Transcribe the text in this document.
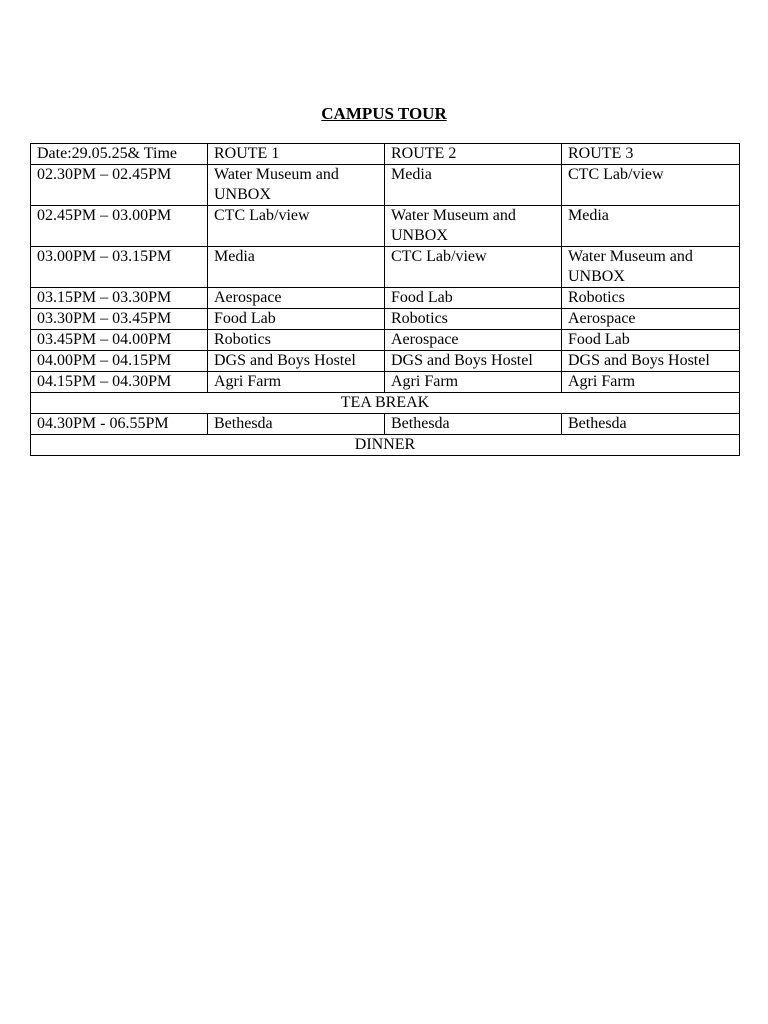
CAMPUS TOUR
Date:29.05.25& Time	ROUTE 1	ROUTE 2	ROUTE 3
02.30PM – 02.45PM	Water Museum and UNBOX	Media	CTC Lab/view
02.45PM – 03.00PM	CTC Lab/view	Water Museum and UNBOX	Media
03.00PM – 03.15PM	Media	CTC Lab/view	Water Museum and UNBOX
03.15PM – 03.30PM	Aerospace	Food Lab	Robotics
03.30PM – 03.45PM	Food Lab	Robotics	Aerospace
03.45PM – 04.00PM	Robotics	Aerospace	Food Lab
04.00PM – 04.15PM	DGS and Boys Hostel	DGS and Boys Hostel	DGS and Boys Hostel
04.15PM – 04.30PM	Agri Farm	Agri Farm	Agri Farm
TEA BREAK			
04.30PM - 06.55PM	Bethesda	Bethesda	Bethesda
DINNER			
